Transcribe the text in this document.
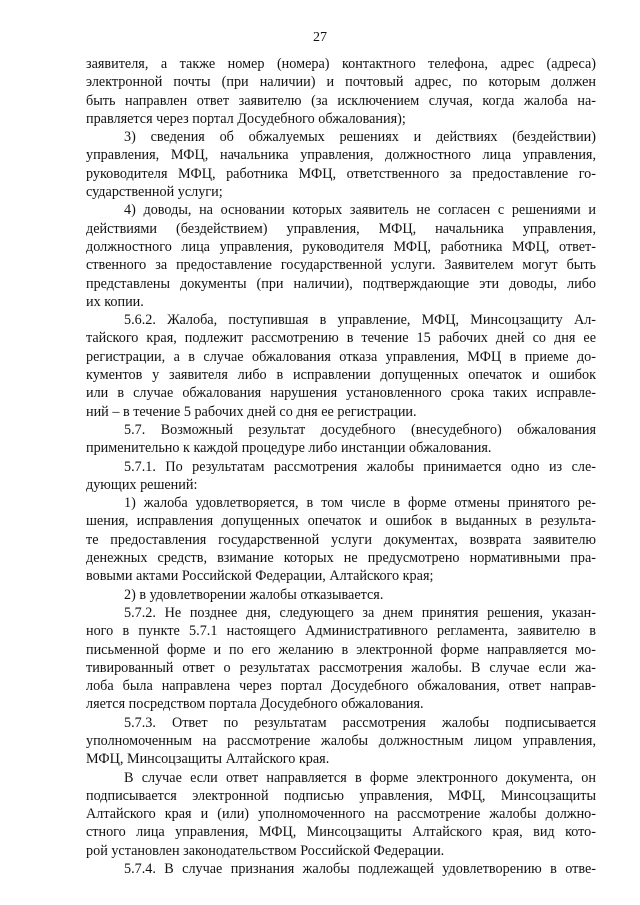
27
заявителя, а также номер (номера) контактного телефона, адрес (адреса)
электронной почты (при наличии) и почтовый адрес, по которым должен
быть направлен ответ заявителю (за исключением случая, когда жалоба на-
правляется через портал Досудебного обжалования);
3) сведения об обжалуемых решениях и действиях (бездействии)
управления, МФЦ, начальника управления, должностного лица управления,
руководителя МФЦ, работника МФЦ, ответственного за предоставление го-
сударственной услуги;
4) доводы, на основании которых заявитель не согласен с решениями и
действиями (бездействием) управления, МФЦ, начальника управления,
должностного лица управления, руководителя МФЦ, работника МФЦ, ответ-
ственного за предоставление государственной услуги. Заявителем могут быть
представлены документы (при наличии), подтверждающие эти доводы, либо
их копии.
5.6.2. Жалоба, поступившая в управление, МФЦ, Минсоцзащиту Ал-
тайского края, подлежит рассмотрению в течение 15 рабочих дней со дня ее
регистрации, а в случае обжалования отказа управления, МФЦ в приеме до-
кументов у заявителя либо в исправлении допущенных опечаток и ошибок
или в случае обжалования нарушения установленного срока таких исправле-
ний – в течение 5 рабочих дней со дня ее регистрации.
5.7. Возможный результат досудебного (внесудебного) обжалования
применительно к каждой процедуре либо инстанции обжалования.
5.7.1. По результатам рассмотрения жалобы принимается одно из сле-
дующих решений:
1) жалоба удовлетворяется, в том числе в форме отмены принятого ре-
шения, исправления допущенных опечаток и ошибок в выданных в результа-
те предоставления государственной услуги документах, возврата заявителю
денежных средств, взимание которых не предусмотрено нормативными пра-
вовыми актами Российской Федерации, Алтайского края;
2) в удовлетворении жалобы отказывается.
5.7.2. Не позднее дня, следующего за днем принятия решения, указан-
ного в пункте 5.7.1 настоящего Административного регламента, заявителю в
письменной форме и по его желанию в электронной форме направляется мо-
тивированный ответ о результатах рассмотрения жалобы. В случае если жа-
лоба была направлена через портал Досудебного обжалования, ответ направ-
ляется посредством портала Досудебного обжалования.
5.7.3. Ответ по результатам рассмотрения жалобы подписывается
уполномоченным на рассмотрение жалобы должностным лицом управления,
МФЦ, Минсоцзащиты Алтайского края.
В случае если ответ направляется в форме электронного документа, он
подписывается электронной подписью управления, МФЦ, Минсоцзащиты
Алтайского края и (или) уполномоченного на рассмотрение жалобы должно-
стного лица управления, МФЦ, Минсоцзащиты Алтайского края, вид кото-
рой установлен законодательством Российской Федерации.
5.7.4. В случае признания жалобы подлежащей удовлетворению в отве-
